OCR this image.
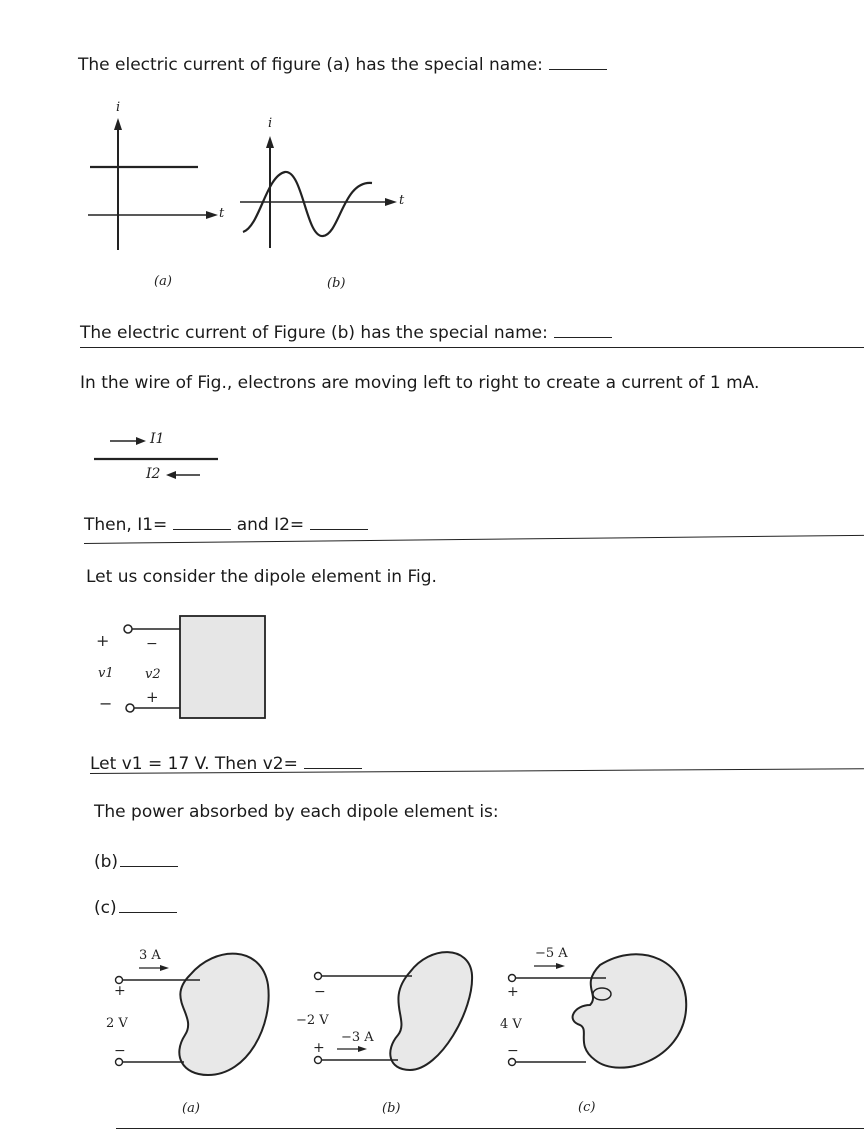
The electric current of figure (a) has the special name:
i
t
i
t
(a)	(b)
The electric current of Figure (b) has the special name:
In the wire of Fig., electrons are moving left to right to create a current of 1 mA.
I1
I2
Then, I1=	and I2=
Let us consider the dipole element in Fig.
+
v1
−
−
v2
+
Let v1 = 17 V. Then v2=
The power absorbed by each dipole element is:
(b)
(c)
3 A
+
2 V
−
(a)
−
−2 V
−3 A
+
(b)
−5 A
+
4 V
−
(c)
